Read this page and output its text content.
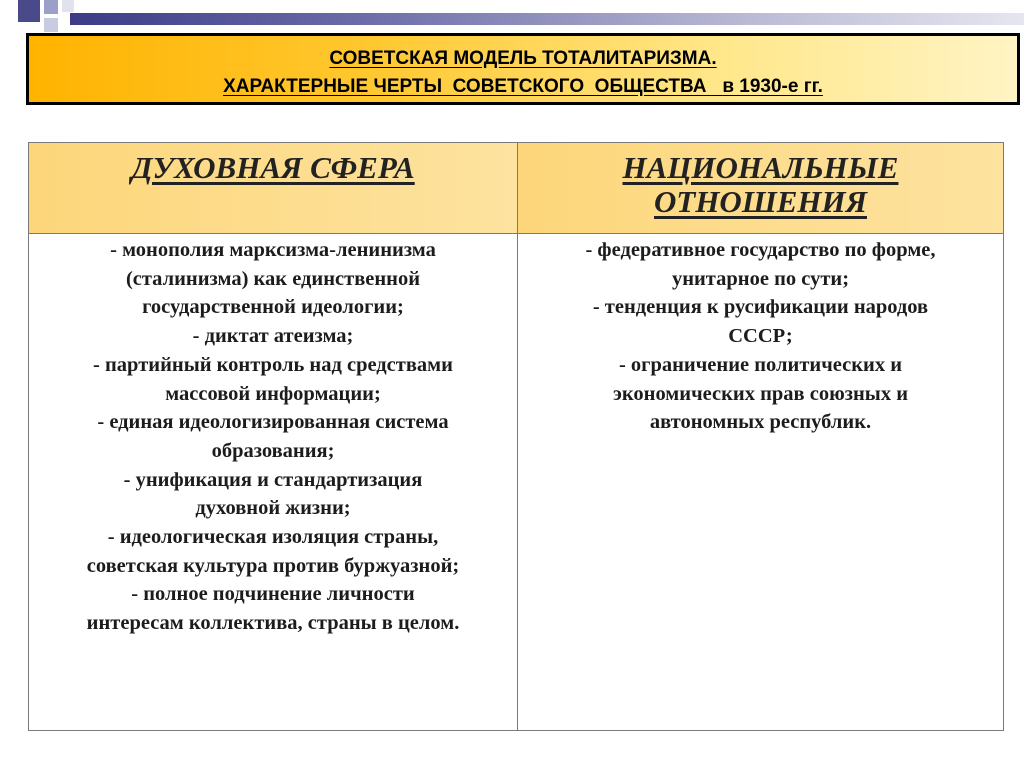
СОВЕТСКАЯ МОДЕЛЬ ТОТАЛИТАРИЗМА.
ХАРАКТЕРНЫЕ ЧЕРТЫ  СОВЕТСКОГО  ОБЩЕСТВА   в 1930-е гг.
ДУХОВНАЯ СФЕРА
- монополия марксизма-ленинизма
(сталинизма) как единственной
государственной идеологии;
- диктат атеизма;
- партийный контроль над средствами
массовой информации;
- единая идеологизированная система
образования;
- унификация и стандартизация
духовной жизни;
- идеологическая изоляция страны,
советская культура против буржуазной;
- полное подчинение личности
интересам коллектива, страны в целом.
НАЦИОНАЛЬНЫЕ
ОТНОШЕНИЯ
- федеративное государство по форме,
унитарное по сути;
- тенденция к русификации народов
СССР;
- ограничение политических и
экономических прав союзных и
автономных республик.
